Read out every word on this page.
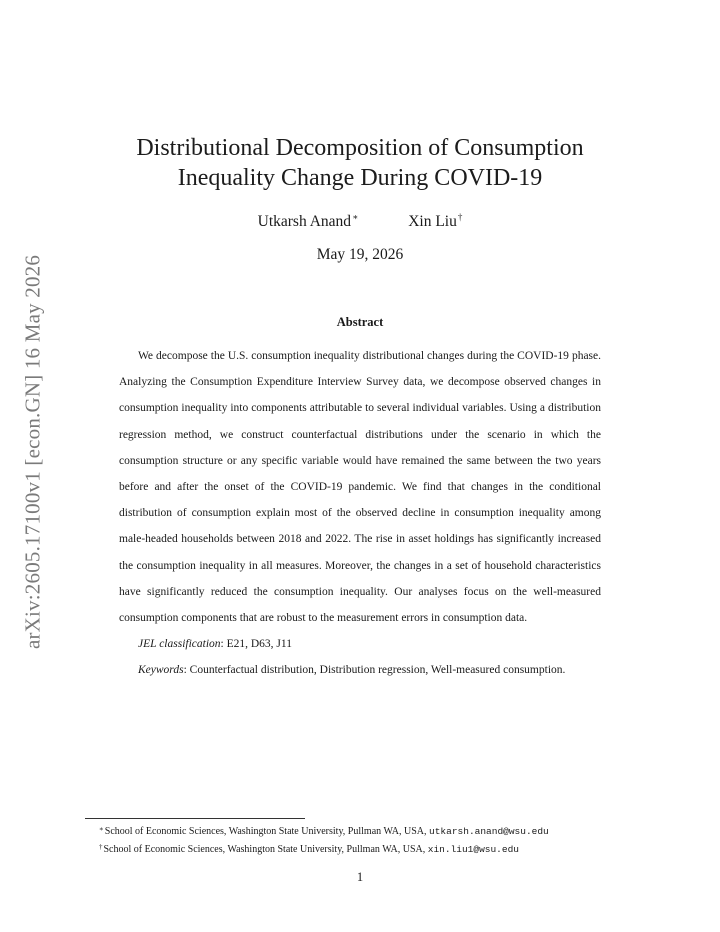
arXiv:2605.17100v1 [econ.GN] 16 May 2026
Distributional Decomposition of Consumption
Inequality Change During COVID-19
Utkarsh Anand∗	Xin Liu†
May 19, 2026
Abstract

We decompose the U.S. consumption inequality distributional changes during the COVID-19 phase. Analyzing the Consumption Expenditure Interview Survey data, we decompose observed changes in consumption inequality into components attributable to several individual variables. Using a distribution regression method, we construct counterfactual distributions under the scenario in which the consumption structure or any specific variable would have remained the same between the two years before and after the onset of the COVID-19 pandemic. We find that changes in the conditional distribution of consumption explain most of the observed decline in consumption inequality among male-headed households between 2018 and 2022. The rise in asset holdings has significantly increased the consumption inequality in all measures. Moreover, the changes in a set of household characteristics have significantly reduced the consumption inequality. Our analyses focus on the well-measured consumption components that are robust to the measurement errors in consumption data.

JEL classification: E21, D63, J11

Keywords: Counterfactual distribution, Distribution regression, Well-measured consumption.

∗School of Economic Sciences, Washington State University, Pullman WA, USA, utkarsh.anand@wsu.edu
†School of Economic Sciences, Washington State University, Pullman WA, USA, xin.liu1@wsu.edu
1
